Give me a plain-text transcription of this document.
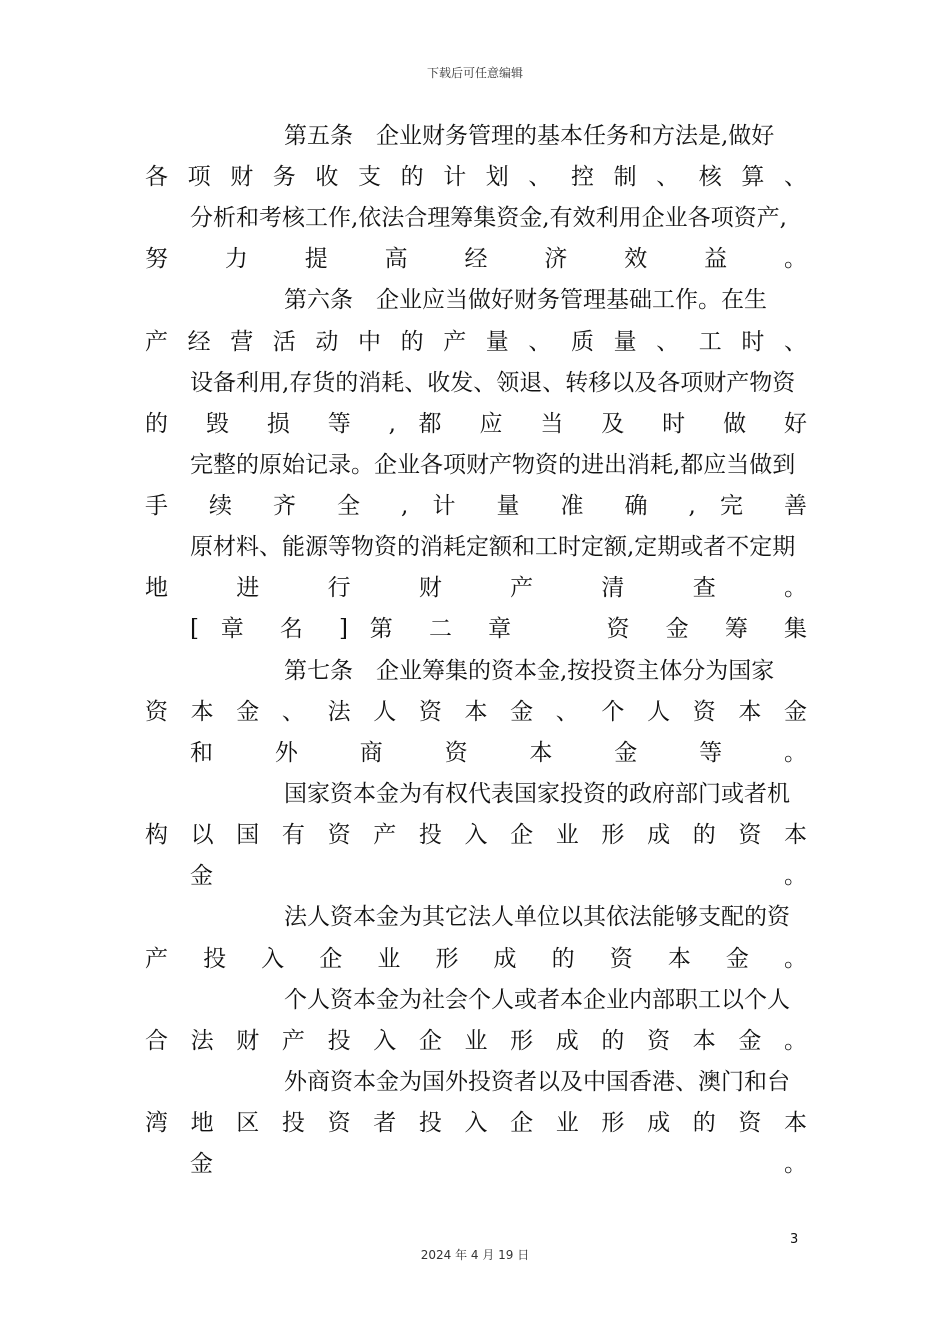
下载后可任意编辑
第五条　企业财务管理的基本任务和方法是,做好
各 项 财 务 收 支 的 计 划 、 控 制 、 核 算 、
分析和考核工作,依法合理筹集资金,有效利用企业各项资产,
努 力 提 高 经 济 效 益 。
第六条　企业应当做好财务管理基础工作。在生
产 经 营 活 动 中 的 产 量 、 质 量 、 工 时 、
设备利用,存货的消耗、收发、领退、转移以及各项财产物资
的 毁 损 等 , 都 应 当 及 时 做 好
完整的原始记录。企业各项财产物资的进出消耗,都应当做到
手 续 齐 全 , 计 量 准 确 , 完 善
原材料、能源等物资的消耗定额和工时定额,定期或者不定期
地 进 行 财 产 清 查 。
[ 章 名 ] 第 二 章 　 资 金 筹 集
第七条　企业筹集的资本金,按投资主体分为国家
资 本 金 、 法 人 资 本 金 、 个 人 资 本 金
和 外 商 资 本 金 等 。
国家资本金为有权代表国家投资的政府部门或者机
构 以 国 有 资 产 投 入 企 业 形 成 的 资 本
金 。
法人资本金为其它法人单位以其依法能够支配的资
产 投 入 企 业 形 成 的 资 本 金 。
个人资本金为社会个人或者本企业内部职工以个人
合 法 财 产 投 入 企 业 形 成 的 资 本 金 。
外商资本金为国外投资者以及中国香港、澳门和台
湾 地 区 投 资 者 投 入 企 业 形 成 的 资 本
金 。
3
2024 年 4 月 19 日
